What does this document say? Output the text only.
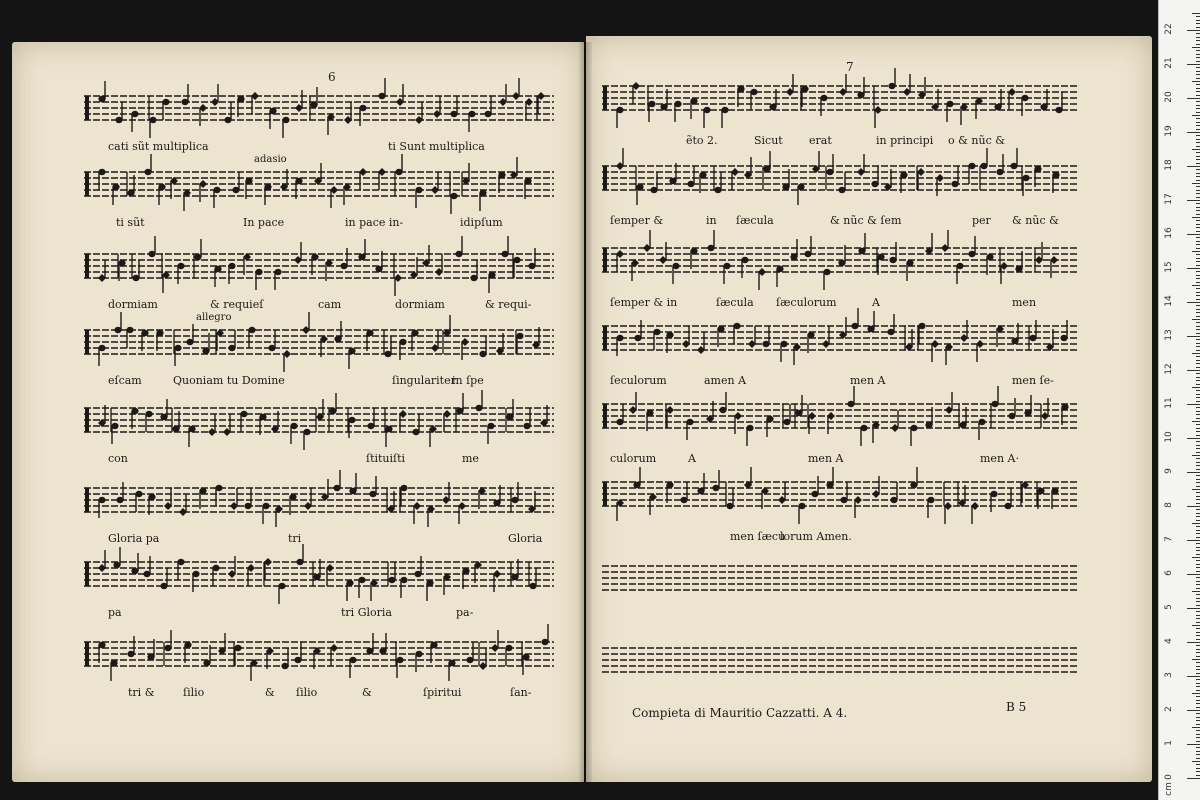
6
7
cati sũt multiplica	ti Sunt multiplica
adasio
ti sũt	In pace	in pace in-	idipſum
dormiam	& requieſ	cam	dormiam	& requi-
allegro
eſcam	Quoniam tu Domine	ſingulariter
in ſpe
con	ſtituiſti	me
Gloria pa	tri	Gloria
pa	tri Gloria	pa-
tri &	ſilio	& ſilio	&	ſpiritui	ſan-
ẽto 2.	Sicut erat	in principi o & nũc &
ſemper &	in ſæcula	& nũc & ſem	per & nũc &
ſemper & in	ſæcula ſæculorum	A	men
ſeculorum	amen A	men A	men ſe-
culorum	A	men A	men A·
men ſæcu
lorum Amen.
Compieta di Mauritio Cazzatti. A 4.	B 5
0
1
2
3
4
5
6
7
8
9
10
11
12
13
14
15
16
17
18
19
20
21
22
cm
